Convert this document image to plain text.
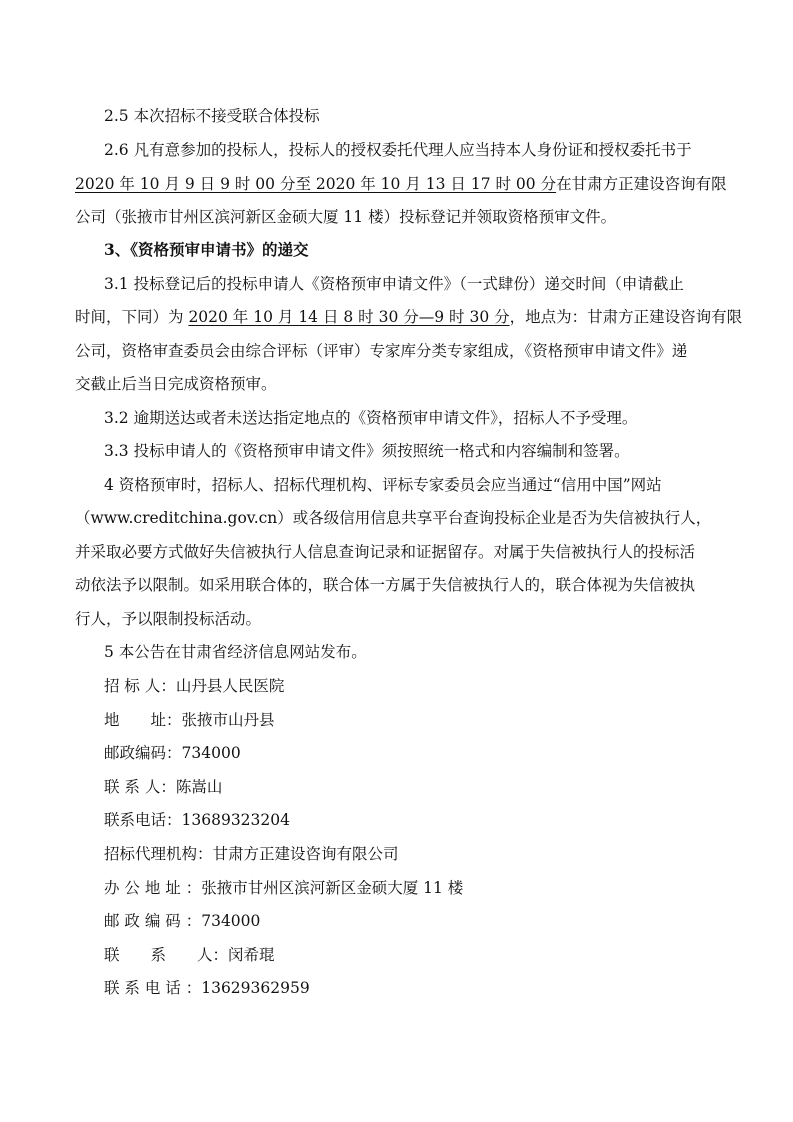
2.5 本次招标不接受联合体投标
2.6 凡有意参加的投标人，投标人的授权委托代理人应当持本人身份证和授权委托书于
2020 年 10 月 9 日 9 时 00 分至 2020 年 10 月 13 日 17 时 00 分在甘肃方正建设咨询有限
公司（张掖市甘州区滨河新区金硕大厦 11 楼）投标登记并领取资格预审文件。
3、《资格预审申请书》的递交
3.1 投标登记后的投标申请人《资格预审申请文件》（一式肆份）递交时间（申请截止
时间，下同）为 2020 年 10 月 14 日 8 时 30 分—9 时 30 分，地点为：甘肃方正建设咨询有限
公司，资格审查委员会由综合评标（评审）专家库分类专家组成，《资格预审申请文件》递
交截止后当日完成资格预审。
3.2 逾期送达或者未送达指定地点的《资格预审申请文件》，招标人不予受理。
3.3 投标申请人的《资格预审申请文件》须按照统一格式和内容编制和签署。
4 资格预审时，招标人、招标代理机构、评标专家委员会应当通过“信用中国”网站
（www.creditchina.gov.cn）或各级信用信息共享平台查询投标企业是否为失信被执行人，
并采取必要方式做好失信被执行人信息查询记录和证据留存。对属于失信被执行人的投标活
动依法予以限制。如采用联合体的，联合体一方属于失信被执行人的，联合体视为失信被执
行人，予以限制投标活动。
5 本公告在甘肃省经济信息网站发布。
招 标 人：山丹县人民医院
地　　址：张掖市山丹县
邮政编码：734000
联 系 人：陈嵩山
联系电话：13689323204
招标代理机构：甘肃方正建设咨询有限公司
办 公 地 址 ：张掖市甘州区滨河新区金硕大厦 11 楼
邮 政 编 码 ：734000
联　　系　　人：闵希琨
联 系 电 话 ：13629362959
